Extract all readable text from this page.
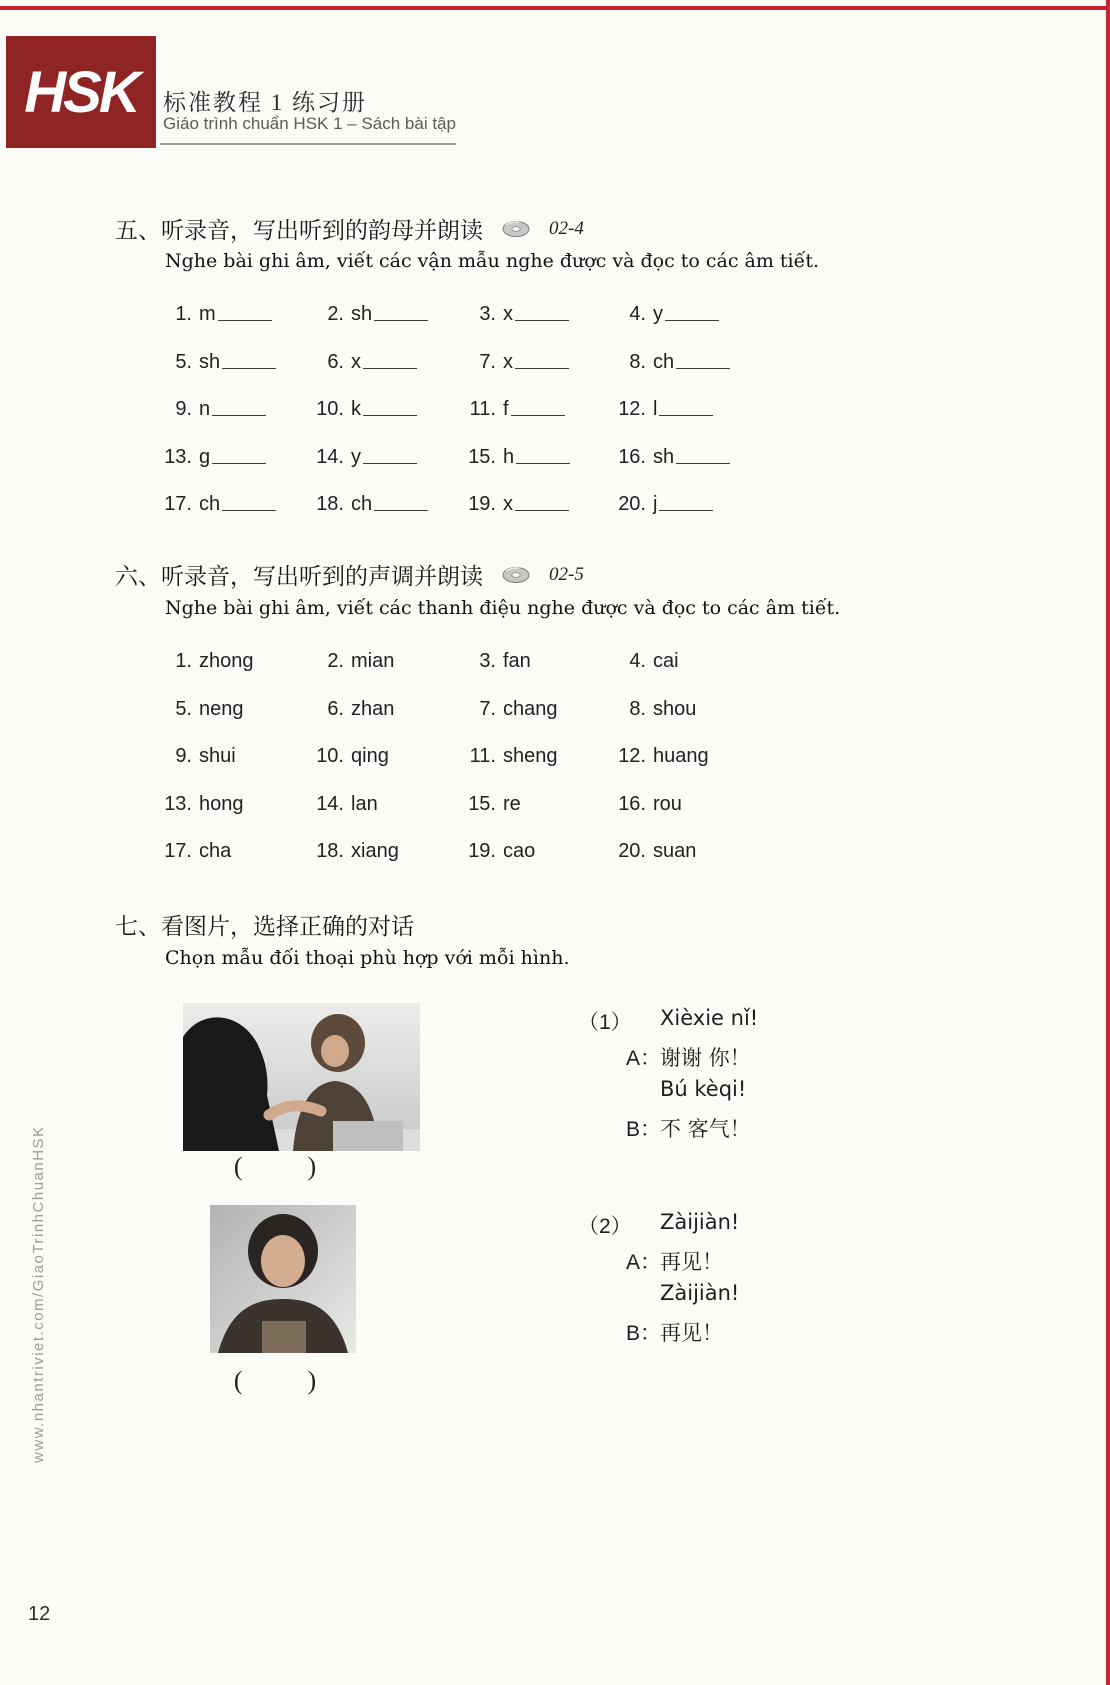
HSK 标准教程 1 练习册
Giáo trình chuẩn HSK 1 – Sách bài tập
五、听录音，写出听到的韵母并朗读	02-4
Nghe bài ghi âm, viết các vận mẫu nghe được và đọc to các âm tiết.
1. m	2. sh	3. x	4. y
5. sh	6. x	7. x	8. ch
9. n	10. k	11. f	12. l
13. g	14. y	15. h	16. sh
17. ch	18. ch	19. x	20. j
六、听录音，写出听到的声调并朗读	02-5
Nghe bài ghi âm, viết các thanh điệu nghe được và đọc to các âm tiết.
1. zhong	2. mian	3. fan	4. cai
5. neng	6. zhan	7. chang	8. shou
9. shui	10. qing	11. sheng	12. huang
13. hong	14. lan	15. re	16. rou
17. cha	18. xiang	19. cao	20. suan
七、看图片，选择正确的对话
Chọn mẫu đối thoại phù hợp với mỗi hình.
(          )
（1） Xièxie nǐ!
A：
谢谢 你！
Bú kèqi!
B：
不 客气！
(          )
（2） Zàijiàn!
A：
再见！
Zàijiàn!
B：
再见！
www.nhantriviet.com/GiaoTrinhChuanHSK
12
